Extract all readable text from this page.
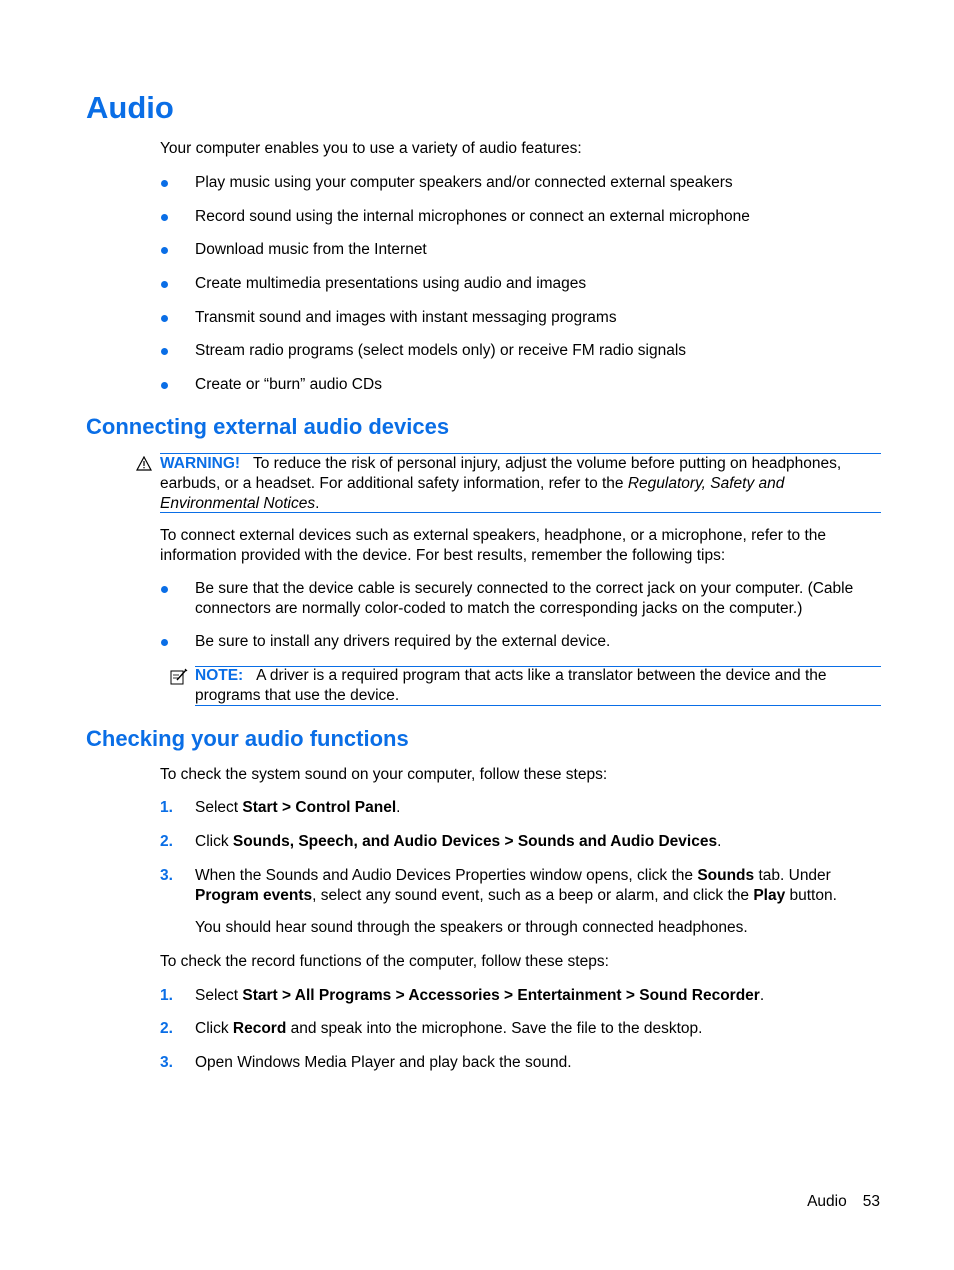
Audio

Your computer enables you to use a variety of audio features:

Play music using your computer speakers and/or connected external speakers
Record sound using the internal microphones or connect an external microphone
Download music from the Internet
Create multimedia presentations using audio and images
Transmit sound and images with instant messaging programs
Stream radio programs (select models only) or receive FM radio signals
Create or “burn” audio CDs
Connecting external audio devices
WARNING! To reduce the risk of personal injury, adjust the volume before putting on headphones, earbuds, or a headset. For additional safety information, refer to the Regulatory, Safety and Environmental Notices.

To connect external devices such as external speakers, headphone, or a microphone, refer to the information provided with the device. For best results, remember the following tips:

Be sure that the device cable is securely connected to the correct jack on your computer. (Cable connectors are normally color-coded to match the corresponding jacks on the computer.)
Be sure to install any drivers required by the external device.
NOTE: A driver is a required program that acts like a translator between the device and the programs that use the device.
Checking your audio functions

To check the system sound on your computer, follow these steps:

1. Select Start > Control Panel.
2. Click Sounds, Speech, and Audio Devices > Sounds and Audio Devices.
3. When the Sounds and Audio Devices Properties window opens, click the Sounds tab. Under Program events, select any sound event, such as a beep or alarm, and click the Play button.

You should hear sound through the speakers or through connected headphones.

To check the record functions of the computer, follow these steps:

1. Select Start > All Programs > Accessories > Entertainment > Sound Recorder.
2. Click Record and speak into the microphone. Save the file to the desktop.
3. Open Windows Media Player and play back the sound.
Audio 53
